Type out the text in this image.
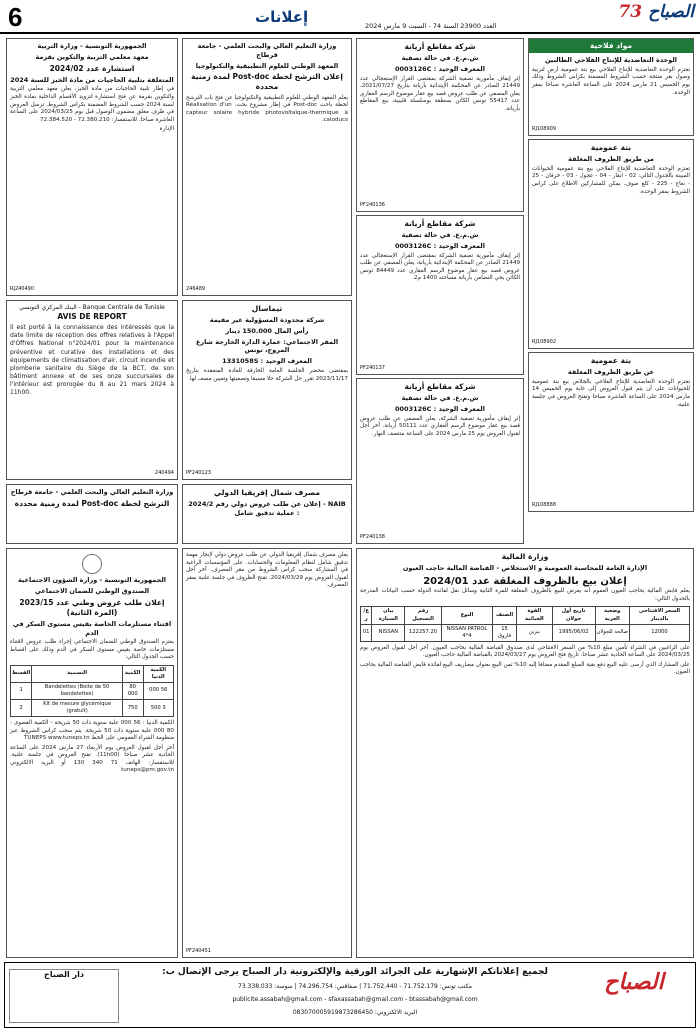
6	إعلانات	العدد 23900 السنة 74 - السبت 9 مارس 2024
73 الصباح
مواد فلاحية
الوحدة التعاضدية للإنتاج الفلاحي الطالبين

تعتزم الوحدة التعاضدية للإنتاج الفلاحي بيع بتة عمومية أرض لتربية وصول بقر منتجة حسب الشروط المضمنة بكراس الشروط وذلك يوم الخميس 21 مارس 2024 على الساعة العاشرة صباحا بمقر الوحدة.

RJ108909
بتة عمومية
من طريق الظروف المغلقة

تعتزم الوحدة التعاضدية للإنتاج الفلاحي بيع بتة عمومية الحيوانات المبينة بالجدول التالي: 02 - ابقار - 04 - عجول - 03 - خرفان - 25 - نعاج - 225 - كلغ صوف. يمكن للمشاركين الاطلاع على كراس الشروط بمقر الوحدة.

RJ108902
بتة عمومية
عن طريق الظروف المغلقة

تعتزم الوحدة التعاضدية للإنتاج الفلاحي بالجلاص بيع بتة عمومية للحيوانات على أن يتم قبول العروض إلى غاية يوم الخميس 14 مارس 2024 على الساعة العاشرة صباحا وتفتح العروض في جلسة علنية.

RJ108888
وزارة المالية
الإدارة العامة للمحاسبة العمومية و الاستخلاص - القباضة المالية حاجب العيون
إعلان بيع بالظروف المغلقة عدد 2024/01

يعلم قابض المالية بحاجب العيون العموم أنه يعرض للبيع بالظروف المغلقة للمرة الثانية وسائل نقل لفائدة الدولة حسب البيانات المدرجة بالجدول التالي:

السعر الافتتاحي بالدينار	وضعية العربة	تاريخ أول جولان	القوة الجبائية	الصنف	النوع	رقم التسجيل	بيان السيارة	ع/ر
12000	صالحة للجولان	1995/06/02	بنزين	15 فاروق	NISSAN PATROL 4*4	122257.20	NISSAN	01

على الراغبين في الشراء تأمين مبلغ 10% من السعر الافتتاحي لدى صندوق القباضة المالية بحاجب العيون. آخر أجل لقبول العروض يوم 2024/03/25 على الساعة الحادية عشر صباحا. تاريخ فتح العروض يوم 2024/03/27 بالقباضة المالية حاجب العيون.

على المشارك الذي أرسى عليه البيع دفع بقية المبلغ المقدم مضافا إليه 10% ثمن البيع بعنوان مصاريف البيع لفائدة قابض القباضة المالية بحاجب العيون.

شركة مقاطع أريانة
ش.م.ع. في حالة تصفية
المعرف الوحيد : 0003126C

إثر إيقاف مأمورية تصفية الشركة بمقتضى القرار الإستعجالي عدد 21449 الصادر عن المحكمة الإبتدائية بأريانة بتاريخ 2021/07/27، يعلن المصفي عن طلب عروض قصد بيع عقار موضوع الرسم العقاري عدد 55417 تونس الكائن بمنطقة بوسلسلة قليبية، بيع المقاطع بأريانة.

PF240136
شركة مقاطع أريانة
ش.م.ع. في حالة تصفية
المعرف الوحيد : 0003126C

إثر إيقاف مأمورية تصفية الشركة بمقتضى القرار الإستعجالي عدد 21449 الصادر عن المحكمة الإبتدائية بأريانة، يعلن المصفي عن طلب عروض قصد بيع عقار موضوع الرسم العقاري عدد 84449 تونس الكائن بحي التضامن بأريانة مساحته 1400 م2.

PF240137
شركة مقاطع أريانة
ش.م.ع. في حالة تصفية
المعرف الوحيد : 0003126C

إثر إيقاف مأمورية تصفية الشركة، يعلن المصفي عن طلب عروض قصد بيع عقار موضوع الرسم العقاري عدد 50111 أريانة. آخر أجل لقبول العروض يوم 25 مارس 2024 على الساعة منتصف النهار.

PF240138
وزارة التعليم العالي والبحث العلمي - جامعة قرطاج
المعهد الوطني للعلوم التطبيقية والتكنولوجيا
إعلان الترشح لخطة Post-doc لمدة زمنية محددة

يعلم المعهد الوطني للعلوم التطبيقية والتكنولوجيا عن فتح باب الترشح لخطة باحث Post-doc في إطار مشروع بحث. Réalisation d'un capteur solaire hybride photovoltaïque-thermique à caloducs.

246489
تيماسال
شركة محدودة المسؤولية غير مقيمة
رأس المال 150.000 دينار
المقر الاجتماعي: عمارة الدارة الخارجة شارع المروج، تونس
المعرف الوحيد : 1331058S

بمقتضى محضر الجلسة العامة الخارقة للعادة المنعقدة بتاريخ 2023/11/17 تقرر حل الشركة حلا مسبقا وتصفيتها وتعيين مصف لها.

PF240123
مصرف شمال إفريقيا الدولي
NAIB - إعلان عن طلب عروض دولي رقم 2024/2 : عملية تدقيق شامل

يعلن مصرف شمال إفريقيا الدولي عن طلب عروض دولي لإنجاز مهمة تدقيق شامل لنظام المعلومات والحسابات. على المؤسسات الراغبة في المشاركة سحب كراس الشروط من مقر المصرف. آخر أجل لقبول العروض يوم 2024/03/29. تفتح الظروف في جلسة علنية بمقر المصرف.

PF240451
الجمهورية التونسية - وزارة التربية
معهد معلمي التربية والتكوين بقرمة
استشارة عدد 2024/02
المتعلقة بتلبية الحاجيات من مادة الخبز للسنة 2024

في إطار تلبية الحاجيات من مادة الخبز، يعلن معهد معلمي التربية والتكوين بقرمة عن فتح استشارة لتزويد الأقسام الداخلية بمادة الخبز لسنة 2024 حسب الشروط المضمنة بكراس الشروط. ترسل العروض في ظرف مغلق مضمون الوصول قبل يوم 2024/03/25 على الساعة العاشرة صباحا. للاستفسار: 72.380.210 - 72.384.520

الإدارة

RJ240490
البنك المركزي التونسي - Banque Centrale de Tunisie
AVIS DE REPORT

Il est porté à la connaissance des intéressés que la date limite de réception des offres relatives à l'Appel d'Offres National n°2024/01 pour la maintenance préventive et curative des installations et des équipements de climatisation d'air, circuit incendie et plomberie sanitaire du Siège de la BCT, de son bâtiment annexe et de ses onze succursales de l'intérieur est prorogée du 8 au 21 mars 2024 à 11h00.

240494
وزارة التعليم العالي والبحث العلمي - جامعة قرطاج
الترشح لخطة Post-doc لمدة زمنية محددة
الجمهورية التونسية - وزارة الشؤون الاجتماعية
الصندوق الوطني للضمان الاجتماعي
إعلان طلب عروض وطني عدد 2023/15 (المرة الثانية)
اقتناء مستلزمات الخاصة بقيس مستوى السكر في الدم

يعتزم الصندوق الوطني للضمان الاجتماعي إجراء طلب عروض لاقتناء مستلزمات خاصة بقيس مستوى السكر في الدم وذلك على أقساط حسب الجدول التالي:

الكمية الدنيا	الكمية	التسمية	القسط
56 000	80 000	Bandelettes (Boite de 50 bandelettes)	1
3 500	750	Kit de mesure glycémique (gratuit)	2

الكمية الدنيا : 56 000 علبة ستوية ذات 50 شريحة - الكمية القصوى : 80 000 علبة ستوية ذات 50 شريحة. يتم سحب كراس الشروط عبر منظومة الشراء العمومي على الخط TUNEPS www.tuneps.tn

آخر أجل لقبول العروض يوم الأربعاء 27 مارس 2024 على الساعة الحادية عشر صباحا (11h00). تفتح العروض في جلسة علنية. للاستفسار: الهاتف 71 340 130 أو البريد الالكتروني tuneps@pm.gov.tn

دار الصباح	لجميع إعلاناتكم الإشهارية على الجرائد الورقية والإلكترونية دار الصباح يرجى الإتصال ب:
مكتب تونس: 71.752.179 - 71.752.440 | صفاقس: 74.296.754 | سوسة: 73.338.033
publicite.assabah@gmail.com - sfaxassabah@gmail.com - btassabah@gmail.com
البريد الالكتروني: 083070005919873286450
الصباح
